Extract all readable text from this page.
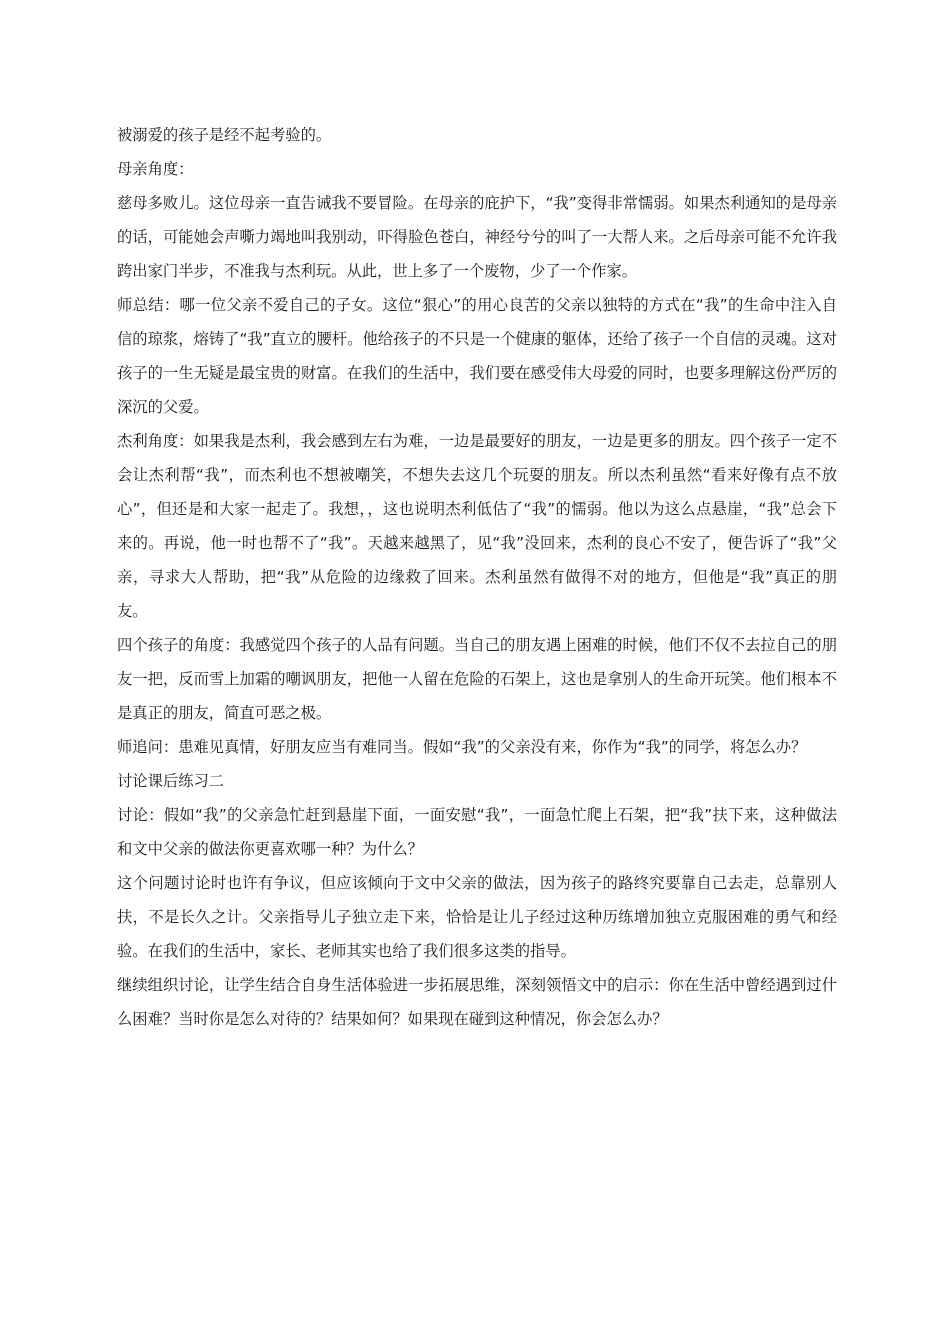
被溺爱的孩子是经不起考验的。

母亲角度：

慈母多败儿。这位母亲一直告诫我不要冒险。在母亲的庇护下，“我”变得非常懦弱。如果杰利通知的是母亲的话，可能她会声嘶力竭地叫我别动，吓得脸色苍白，神经兮兮的叫了一大帮人来。之后母亲可能不允许我跨出家门半步，不准我与杰利玩。从此，世上多了一个废物，少了一个作家。

师总结：哪一位父亲不爱自己的子女。这位“狠心”的用心良苦的父亲以独特的方式在“我”的生命中注入自信的琼浆，熔铸了“我”直立的腰杆。他给孩子的不只是一个健康的躯体，还给了孩子一个自信的灵魂。这对孩子的一生无疑是最宝贵的财富。在我们的生活中，我们要在感受伟大母爱的同时，也要多理解这份严厉的深沉的父爱。

杰利角度：如果我是杰利，我会感到左右为难，一边是最要好的朋友，一边是更多的朋友。四个孩子一定不会让杰利帮“我”，而杰利也不想被嘲笑，不想失去这几个玩耍的朋友。所以杰利虽然“看来好像有点不放心”，但还是和大家一起走了。我想，，这也说明杰利低估了“我”的懦弱。他以为这么点悬崖，“我”总会下来的。再说，他一时也帮不了“我”。天越来越黑了，见“我”没回来，杰利的良心不安了，便告诉了“我”父亲，寻求大人帮助，把“我”从危险的边缘救了回来。杰利虽然有做得不对的地方，但他是“我”真正的朋友。

四个孩子的角度：我感觉四个孩子的人品有问题。当自己的朋友遇上困难的时候，他们不仅不去拉自己的朋友一把，反而雪上加霜的嘲讽朋友，把他一人留在危险的石架上，这也是拿别人的生命开玩笑。他们根本不是真正的朋友，简直可恶之极。

师追问：患难见真情，好朋友应当有难同当。假如“我”的父亲没有来，你作为“我”的同学，将怎么办？

讨论课后练习二

讨论：假如“我”的父亲急忙赶到悬崖下面，一面安慰“我”，一面急忙爬上石架，把“我”扶下来，这种做法和文中父亲的做法你更喜欢哪一种？为什么？

这个问题讨论时也许有争议，但应该倾向于文中父亲的做法，因为孩子的路终究要靠自己去走，总靠别人扶，不是长久之计。父亲指导儿子独立走下来，恰恰是让儿子经过这种历练增加独立克服困难的勇气和经验。在我们的生活中，家长、老师其实也给了我们很多这类的指导。

继续组织讨论，让学生结合自身生活体验进一步拓展思维，深刻领悟文中的启示：你在生活中曾经遇到过什么困难？当时你是怎么对待的？结果如何？如果现在碰到这种情况，你会怎么办？
